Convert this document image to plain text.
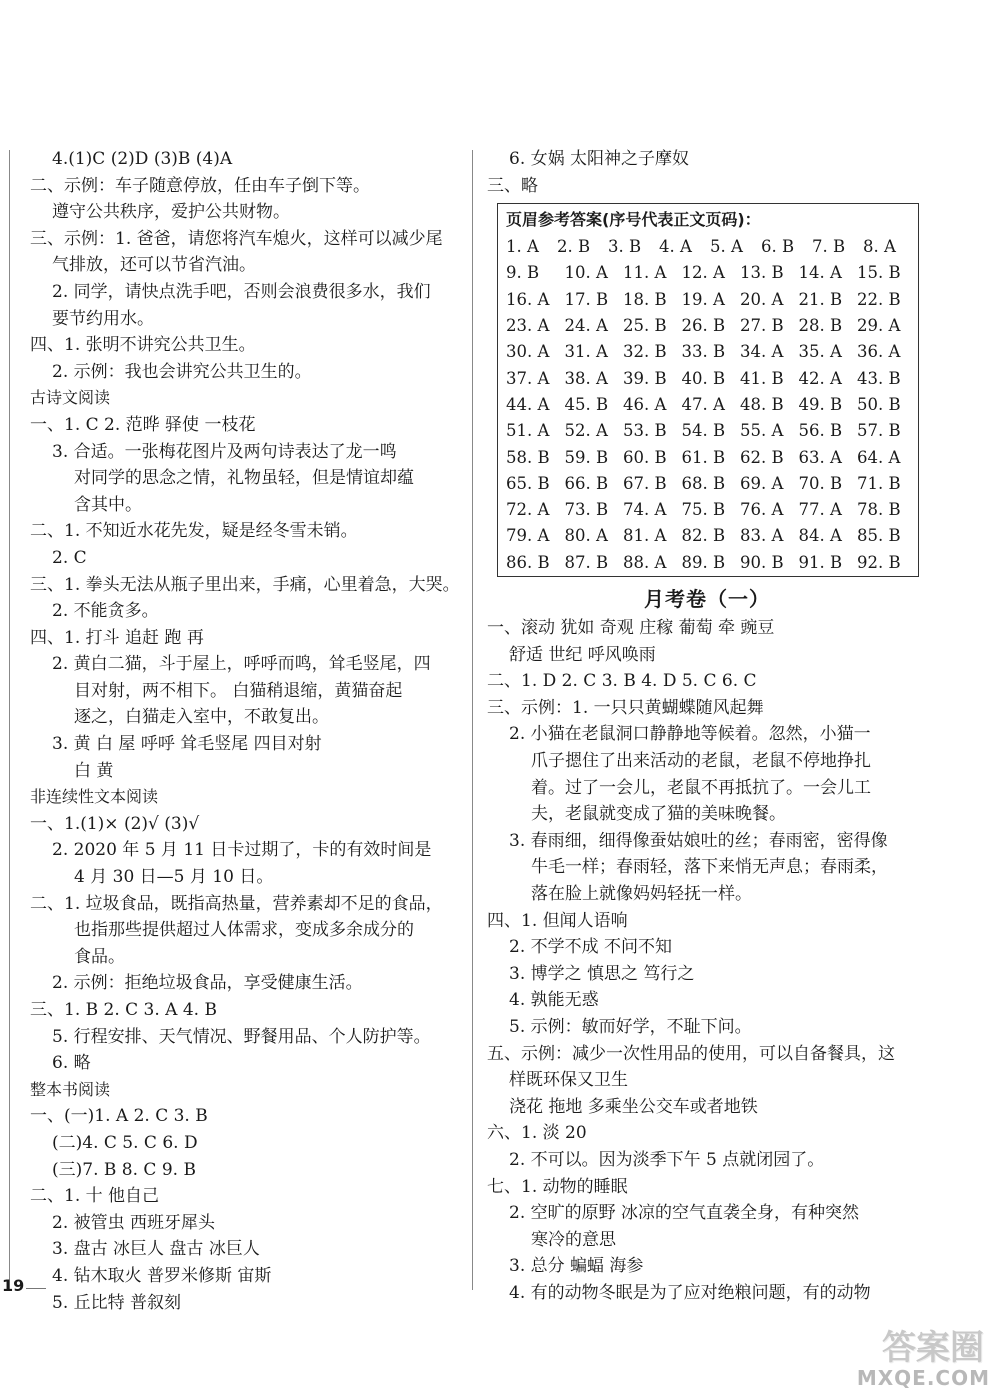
4.(1)C (2)D (3)B (4)A
二、示例：车子随意停放，任由车子倒下等。
遵守公共秩序，爱护公共财物。
三、示例：1. 爸爸，请您将汽车熄火，这样可以减少尾
气排放，还可以节省汽油。
2. 同学，请快点洗手吧，否则会浪费很多水，我们
要节约用水。
四、1. 张明不讲究公共卫生。
2. 示例：我也会讲究公共卫生的。
古诗文阅读
一、1. C 2. 范晔 驿使 一枝花
3. 合适。一张梅花图片及两句诗表达了龙一鸣
对同学的思念之情，礼物虽轻，但是情谊却蕴
含其中。
二、1. 不知近水花先发，疑是经冬雪未销。
2. C
三、1. 拳头无法从瓶子里出来，手痛，心里着急，大哭。
2. 不能贪多。
四、1. 打斗 追赶 跑 再
2. 黄白二猫，斗于屋上，呼呼而鸣，耸毛竖尾，四
目对射，两不相下。 白猫稍退缩，黄猫奋起
逐之，白猫走入室中，不敢复出。
3. 黄 白 屋 呼呼 耸毛竖尾 四目对射
白 黄
非连续性文本阅读
一、1.(1)× (2)√ (3)√
2. 2020 年 5 月 11 日卡过期了，卡的有效时间是
4 月 30 日—5 月 10 日。
二、1. 垃圾食品，既指高热量，营养素却不足的食品，
也指那些提供超过人体需求，变成多余成分的
食品。
2. 示例：拒绝垃圾食品，享受健康生活。
三、1. B 2. C 3. A 4. B
5. 行程安排、天气情况、野餐用品、个人防护等。
6. 略
整本书阅读
一、(一)1. A 2. C 3. B
(二)4. C 5. C 6. D
(三)7. B 8. C 9. B
二、1. 十 他自己
2. 被管虫 西班牙犀头
3. 盘古 冰巨人 盘古 冰巨人
4. 钻木取火 普罗米修斯 宙斯
5. 丘比特 普叙刻
6. 女娲 太阳神之子摩奴
三、略
页眉参考答案(序号代表正文页码)：
1. A	2. B	3. B	4. A	5. A	6. B	7. B	8. A
9. B	10. A 11. A 12. A 13. B 14. A 15. B
16. A 17. B 18. B 19. A 20. A 21. B 22. B
23. A 24. A 25. B 26. B 27. B 28. B 29. A
30. A 31. A 32. B 33. B 34. A 35. A 36. A
37. A 38. A 39. B 40. B 41. B 42. A 43. B
44. A 45. B 46. A 47. A 48. B 49. B 50. B
51. A 52. A 53. B 54. B 55. A 56. B 57. B
58. B 59. B 60. B 61. B 62. B 63. A 64. A
65. B 66. B 67. B 68. B 69. A 70. B 71. B
72. A 73. B 74. A 75. B 76. A 77. A 78. B
79. A 80. A 81. A 82. B 83. A 84. A 85. B
86. B 87. B 88. A 89. B 90. B 91. B 92. B
月考卷（一）
一、滚动 犹如 奇观 庄稼 葡萄 牵 豌豆
舒适 世纪 呼风唤雨
二、1. D 2. C 3. B 4. D 5. C 6. C
三、示例：1. 一只只黄蝴蝶随风起舞
2. 小猫在老鼠洞口静静地等候着。忽然，小猫一
爪子摁住了出来活动的老鼠，老鼠不停地挣扎
着。过了一会儿，老鼠不再抵抗了。一会儿工
夫，老鼠就变成了猫的美味晚餐。
3. 春雨细，细得像蚕姑娘吐的丝；春雨密，密得像
牛毛一样；春雨轻，落下来悄无声息；春雨柔，
落在脸上就像妈妈轻抚一样。
四、1. 但闻人语响
2. 不学不成 不问不知
3. 博学之 慎思之 笃行之
4. 孰能无惑
5. 示例：敏而好学，不耻下问。
五、示例：减少一次性用品的使用，可以自备餐具，这
样既环保又卫生
浇花 拖地 多乘坐公交车或者地铁
六、1. 淡 20
2. 不可以。因为淡季下午 5 点就闭园了。
七、1. 动物的睡眠
2. 空旷的原野 冰凉的空气直袭全身，有种突然
寒冷的意思
3. 总分 蝙蝠 海参
4. 有的动物冬眠是为了应对绝粮问题，有的动物
19
答案圈
MXQE.COM
